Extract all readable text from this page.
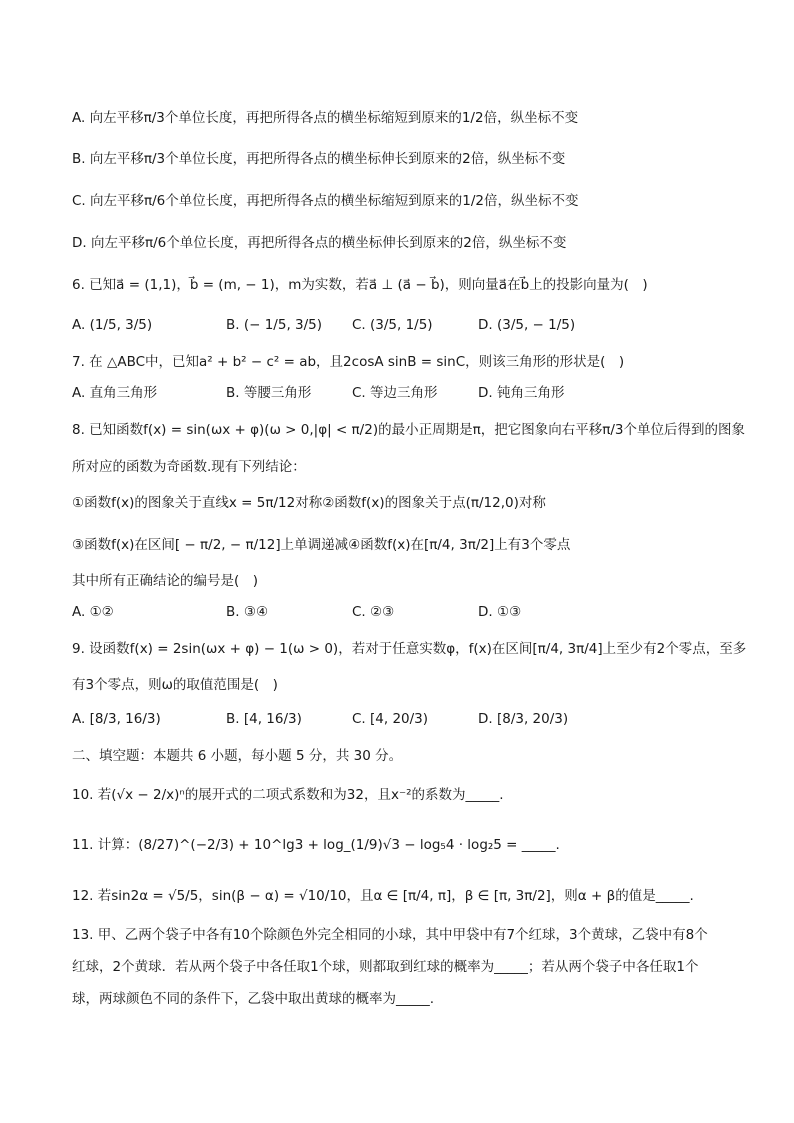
A. 向左平移π/3个单位长度，再把所得各点的横坐标缩短到原来的1/2倍，纵坐标不变
B. 向左平移π/3个单位长度，再把所得各点的横坐标伸长到原来的2倍，纵坐标不变
C. 向左平移π/6个单位长度，再把所得各点的横坐标缩短到原来的1/2倍，纵坐标不变
D. 向左平移π/6个单位长度，再把所得各点的横坐标伸长到原来的2倍，纵坐标不变
6. 已知a⃗ = (1,1)，b⃗ = (m, − 1)，m为实数，若a⃗ ⊥ (a⃗ − b⃗)，则向量a⃗在b⃗上的投影向量为(　)
A. (1/5, 3/5)	B. (− 1/5, 3/5) C. (3/5, 1/5)	D. (3/5, − 1/5)
7. 在 △ABC中，已知a² + b² − c² = ab，且2cosA sinB = sinC，则该三角形的形状是(　)
A. 直角三角形	B. 等腰三角形	C. 等边三角形	D. 钝角三角形
8. 已知函数f(x) = sin(ωx + φ)(ω > 0,|φ| < π/2)的最小正周期是π，把它图象向右平移π/3个单位后得到的图象
所对应的函数为奇函数.现有下列结论：
①函数f(x)的图象关于直线x = 5π/12对称②函数f(x)的图象关于点(π/12,0)对称
③函数f(x)在区间[ − π/2, − π/12]上单调递减④函数f(x)在[π/4, 3π/2]上有3个零点
其中所有正确结论的编号是(　)
A. ①②	B. ③④	C. ②③	D. ①③
9. 设函数f(x) = 2sin(ωx + φ) − 1(ω > 0)，若对于任意实数φ，f(x)在区间[π/4, 3π/4]上至少有2个零点，至多
有3个零点，则ω的取值范围是(　)
A. [8/3, 16/3)	B. [4, 16/3)	C. [4, 20/3)	D. [8/3, 20/3)
二、填空题：本题共 6 小题，每小题 5 分，共 30 分。
10. 若(√x − 2/x)ⁿ的展开式的二项式系数和为32，且x⁻²的系数为_____.
11. 计算：(8/27)^(−2/3) + 10^lg3 + log_(1/9)√3 − log₅4 · log₂5 = _____.
12. 若sin2α = √5/5，sin(β − α) = √10/10，且α ∈ [π/4, π]，β ∈ [π, 3π/2]，则α + β的值是_____.
13. 甲、乙两个袋子中各有10个除颜色外完全相同的小球，其中甲袋中有7个红球，3个黄球，乙袋中有8个
红球，2个黄球．若从两个袋子中各任取1个球，则都取到红球的概率为_____；若从两个袋子中各任取1个
球，两球颜色不同的条件下，乙袋中取出黄球的概率为_____.
